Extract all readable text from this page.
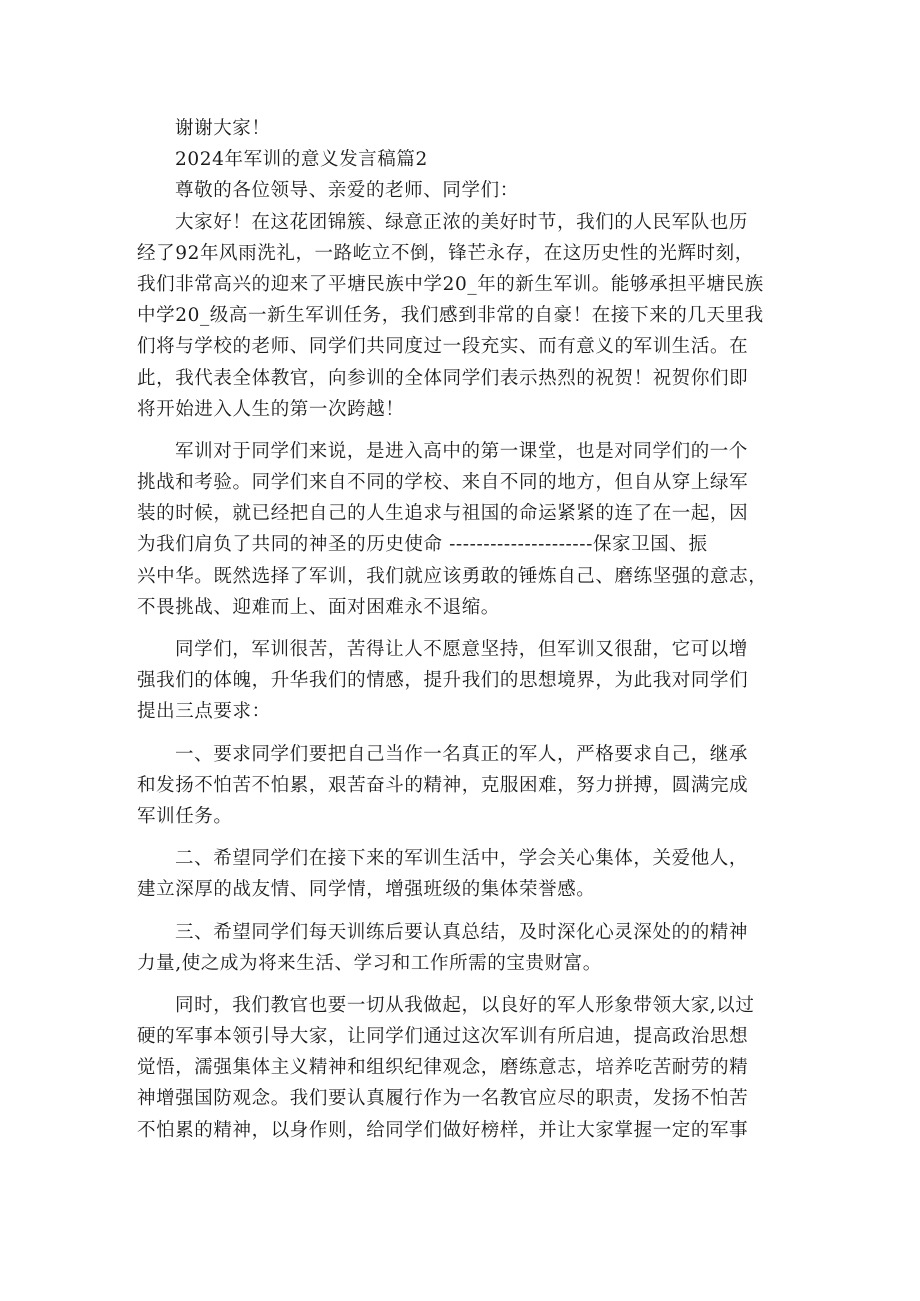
谢谢大家！

2024年军训的意义发言稿篇2

尊敬的各位领导、亲爱的老师、同学们：

大家好！在这花团锦簇、绿意正浓的美好时节，我们的人民军队也历

经了92年风雨洗礼，一路屹立不倒，锋芒永存，在这历史性的光辉时刻，

我们非常高兴的迎来了平塘民族中学20_年的新生军训。能够承担平塘民族

中学20_级高一新生军训任务，我们感到非常的自豪！在接下来的几天里我

们将与学校的老师、同学们共同度过一段充实、而有意义的军训生活。在

此，我代表全体教官，向参训的全体同学们表示热烈的祝贺！祝贺你们即

将开始进入人生的第一次跨越！

军训对于同学们来说，是进入高中的第一课堂，也是对同学们的一个

挑战和考验。同学们来自不同的学校、来自不同的地方，但自从穿上绿军

装的时候，就已经把自己的人生追求与祖国的命运紧紧的连了在一起，因

为我们肩负了共同的神圣的历史使命 ---------------------保家卫国、振

兴中华。既然选择了军训，我们就应该勇敢的锤炼自己、磨练坚强的意志，

不畏挑战、迎难而上、面对困难永不退缩。

同学们，军训很苦，苦得让人不愿意坚持，但军训又很甜，它可以增

强我们的体魄，升华我们的情感，提升我们的思想境界，为此我对同学们

提出三点要求：

一、要求同学们要把自己当作一名真正的军人，严格要求自己，继承

和发扬不怕苦不怕累，艰苦奋斗的精神，克服困难，努力拼搏，圆满完成

军训任务。

二、希望同学们在接下来的军训生活中，学会关心集体，关爱他人，

建立深厚的战友情、同学情，增强班级的集体荣誉感。

三、希望同学们每天训练后要认真总结，及时深化心灵深处的的精神

力量,使之成为将来生活、学习和工作所需的宝贵财富。

同时，我们教官也要一切从我做起，以良好的军人形象带领大家,以过

硬的军事本领引导大家，让同学们通过这次军训有所启迪，提高政治思想

觉悟，濡强集体主义精神和组织纪律观念，磨练意志，培养吃苦耐劳的精

神增强国防观念。我们要认真履行作为一名教官应尽的职责，发扬不怕苦

不怕累的精神，以身作则，给同学们做好榜样，并让大家掌握一定的军事
